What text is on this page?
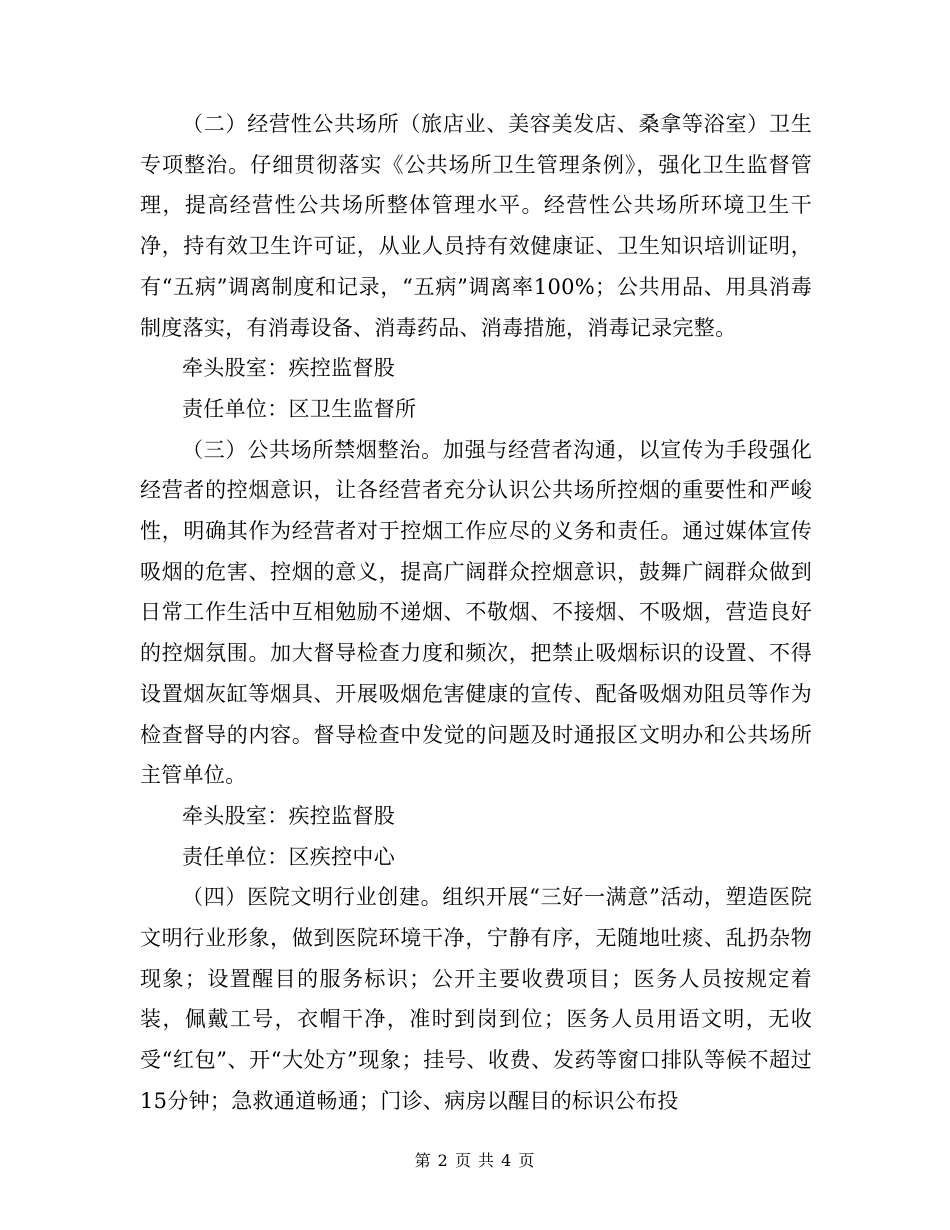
（二）经营性公共场所（旅店业、美容美发店、桑拿等浴室）卫生专项整治。仔细贯彻落实《公共场所卫生管理条例》，强化卫生监督管理，提高经营性公共场所整体管理水平。经营性公共场所环境卫生干净，持有效卫生许可证，从业人员持有效健康证、卫生知识培训证明，有“五病”调离制度和记录，“五病”调离率100%；公共用品、用具消毒制度落实，有消毒设备、消毒药品、消毒措施，消毒记录完整。

牵头股室：疾控监督股

责任单位：区卫生监督所

（三）公共场所禁烟整治。加强与经营者沟通，以宣传为手段强化经营者的控烟意识，让各经营者充分认识公共场所控烟的重要性和严峻性，明确其作为经营者对于控烟工作应尽的义务和责任。通过媒体宣传吸烟的危害、控烟的意义，提高广阔群众控烟意识，鼓舞广阔群众做到日常工作生活中互相勉励不递烟、不敬烟、不接烟、不吸烟，营造良好的控烟氛围。加大督导检查力度和频次，把禁止吸烟标识的设置、不得设置烟灰缸等烟具、开展吸烟危害健康的宣传、配备吸烟劝阻员等作为检查督导的内容。督导检查中发觉的问题及时通报区文明办和公共场所主管单位。

牵头股室：疾控监督股

责任单位：区疾控中心

（四）医院文明行业创建。组织开展“三好一满意”活动，塑造医院文明行业形象，做到医院环境干净，宁静有序，无随地吐痰、乱扔杂物现象；设置醒目的服务标识；公开主要收费项目；医务人员按规定着装，佩戴工号，衣帽干净，准时到岗到位；医务人员用语文明，无收受“红包”、开“大处方”现象；挂号、收费、发药等窗口排队等候不超过15分钟；急救通道畅通；门诊、病房以醒目的标识公布投

第 2 页 共 4 页
